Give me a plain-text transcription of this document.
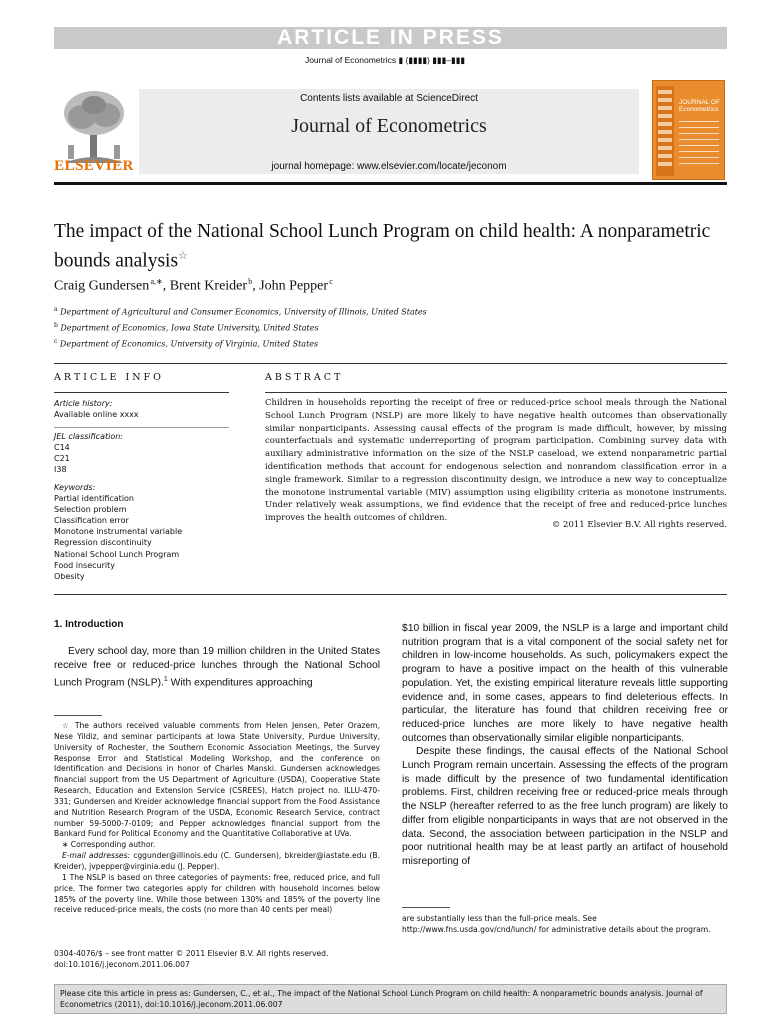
ARTICLE IN PRESS
Journal of Econometrics ▮ (▮▮▮▮) ▮▮▮–▮▮▮
ELSEVIER
Contents lists available at ScienceDirect
Journal of Econometrics
journal homepage: www.elsevier.com/locate/jeconom
JOURNAL OF
Econometrics
The impact of the National School Lunch Program on child health: A nonparametric bounds analysis☆
Craig Gundersen $^{a,∗}$, Brent Kreider $^b$, John Pepper $^c$
$^a$ Department of Agricultural and Consumer Economics, University of Illinois, United States
$^b$ Department of Economics, Iowa State University, United States
$^c$ Department of Economics, University of Virginia, United States
ARTICLE INFO	ABSTRACT
Article history:
Available online xxxx
JEL classification:
C14
C21
I38
Keywords:
Partial identification
Selection problem
Classification error
Monotone instrumental variable
Regression discontinuity
National School Lunch Program
Food insecurity
Obesity
Children in households reporting the receipt of free or reduced-price school meals through the National School Lunch Program (NSLP) are more likely to have negative health outcomes than observationally similar nonparticipants. Assessing causal effects of the program is made difficult, however, by missing counterfactuals and systematic underreporting of program participation. Combining survey data with auxiliary administrative information on the size of the NSLP caseload, we extend nonparametric partial identification methods that account for endogenous selection and nonrandom classification error in a single framework. Similar to a regression discontinuity design, we introduce a new way to conceptualize the monotone instrumental variable (MIV) assumption using eligibility criteria as monotone instruments. Under relatively weak assumptions, we find evidence that the receipt of free and reduced-price lunches improves the health outcomes of children.
© 2011 Elsevier B.V. All rights reserved.
1. Introduction
Every school day, more than 19 million children in the United States receive free or reduced-price lunches through the National School Lunch Program (NSLP).$^1$ With expenditures approaching

☆ The authors received valuable comments from Helen Jensen, Peter Orazem, Nese Yildiz, and seminar participants at Iowa State University, Purdue University, University of Rochester, the Southern Economic Association Meetings, the Survey Response Error and Statistical Modeling Workshop, and the conference on Identification and Decisions in honor of Charles Manski. Gundersen acknowledges financial support from the US Department of Agriculture (USDA), Cooperative State Research, Education and Extension Service (CSREES), Hatch project no. ILLU-470-331; Gundersen and Kreider acknowledge financial support from the Food Assistance and Nutrition Research Program of the USDA, Economic Research Service, contract number 59-5000-7-0109; and Pepper acknowledges financial support from the Bankard Fund for Political Economy and the Quantitative Collaborative at UVa.

∗ Corresponding author.

E-mail addresses: cggunder@illinois.edu (C. Gundersen), bkreider@iastate.edu (B. Kreider), jvpepper@virginia.edu (J. Pepper).

1 The NSLP is based on three categories of payments: free, reduced price, and full price. The former two categories apply for children with household incomes below 185% of the poverty line. While those between 130% and 185% of the poverty line receive reduced-price meals, the costs (no more than 40 cents per meal)

$10 billion in fiscal year 2009, the NSLP is a large and important child nutrition program that is a vital component of the social safety net for children in low-income households. As such, policymakers expect the program to have a positive impact on the health of this vulnerable population. Yet, the existing empirical literature reveals little supporting evidence and, in some cases, appears to find deleterious effects. In particular, the literature has found that children receiving free or reduced-price lunches are more likely to have negative health outcomes than observationally similar eligible nonparticipants.

Despite these findings, the causal effects of the National School Lunch Program remain uncertain. Assessing the effects of the program is made difficult by the presence of two fundamental identification problems. First, children receiving free or reduced-price meals through the NSLP (hereafter referred to as the free lunch program) are likely to differ from eligible nonparticipants in ways that are not observed in the data. Second, the association between participation in the NSLP and poor nutritional health may be at least partly an artifact of household misreporting of

are substantially less than the full-price meals. See http://www.fns.usda.gov/cnd/lunch/ for administrative details about the program.
0304-4076/$ – see front matter © 2011 Elsevier B.V. All rights reserved.
doi:10.1016/j.jeconom.2011.06.007
Please cite this article in press as: Gundersen, C., et al., The impact of the National School Lunch Program on child health: A nonparametric bounds analysis. Journal of Econometrics (2011), doi:10.1016/j.jeconom.2011.06.007
